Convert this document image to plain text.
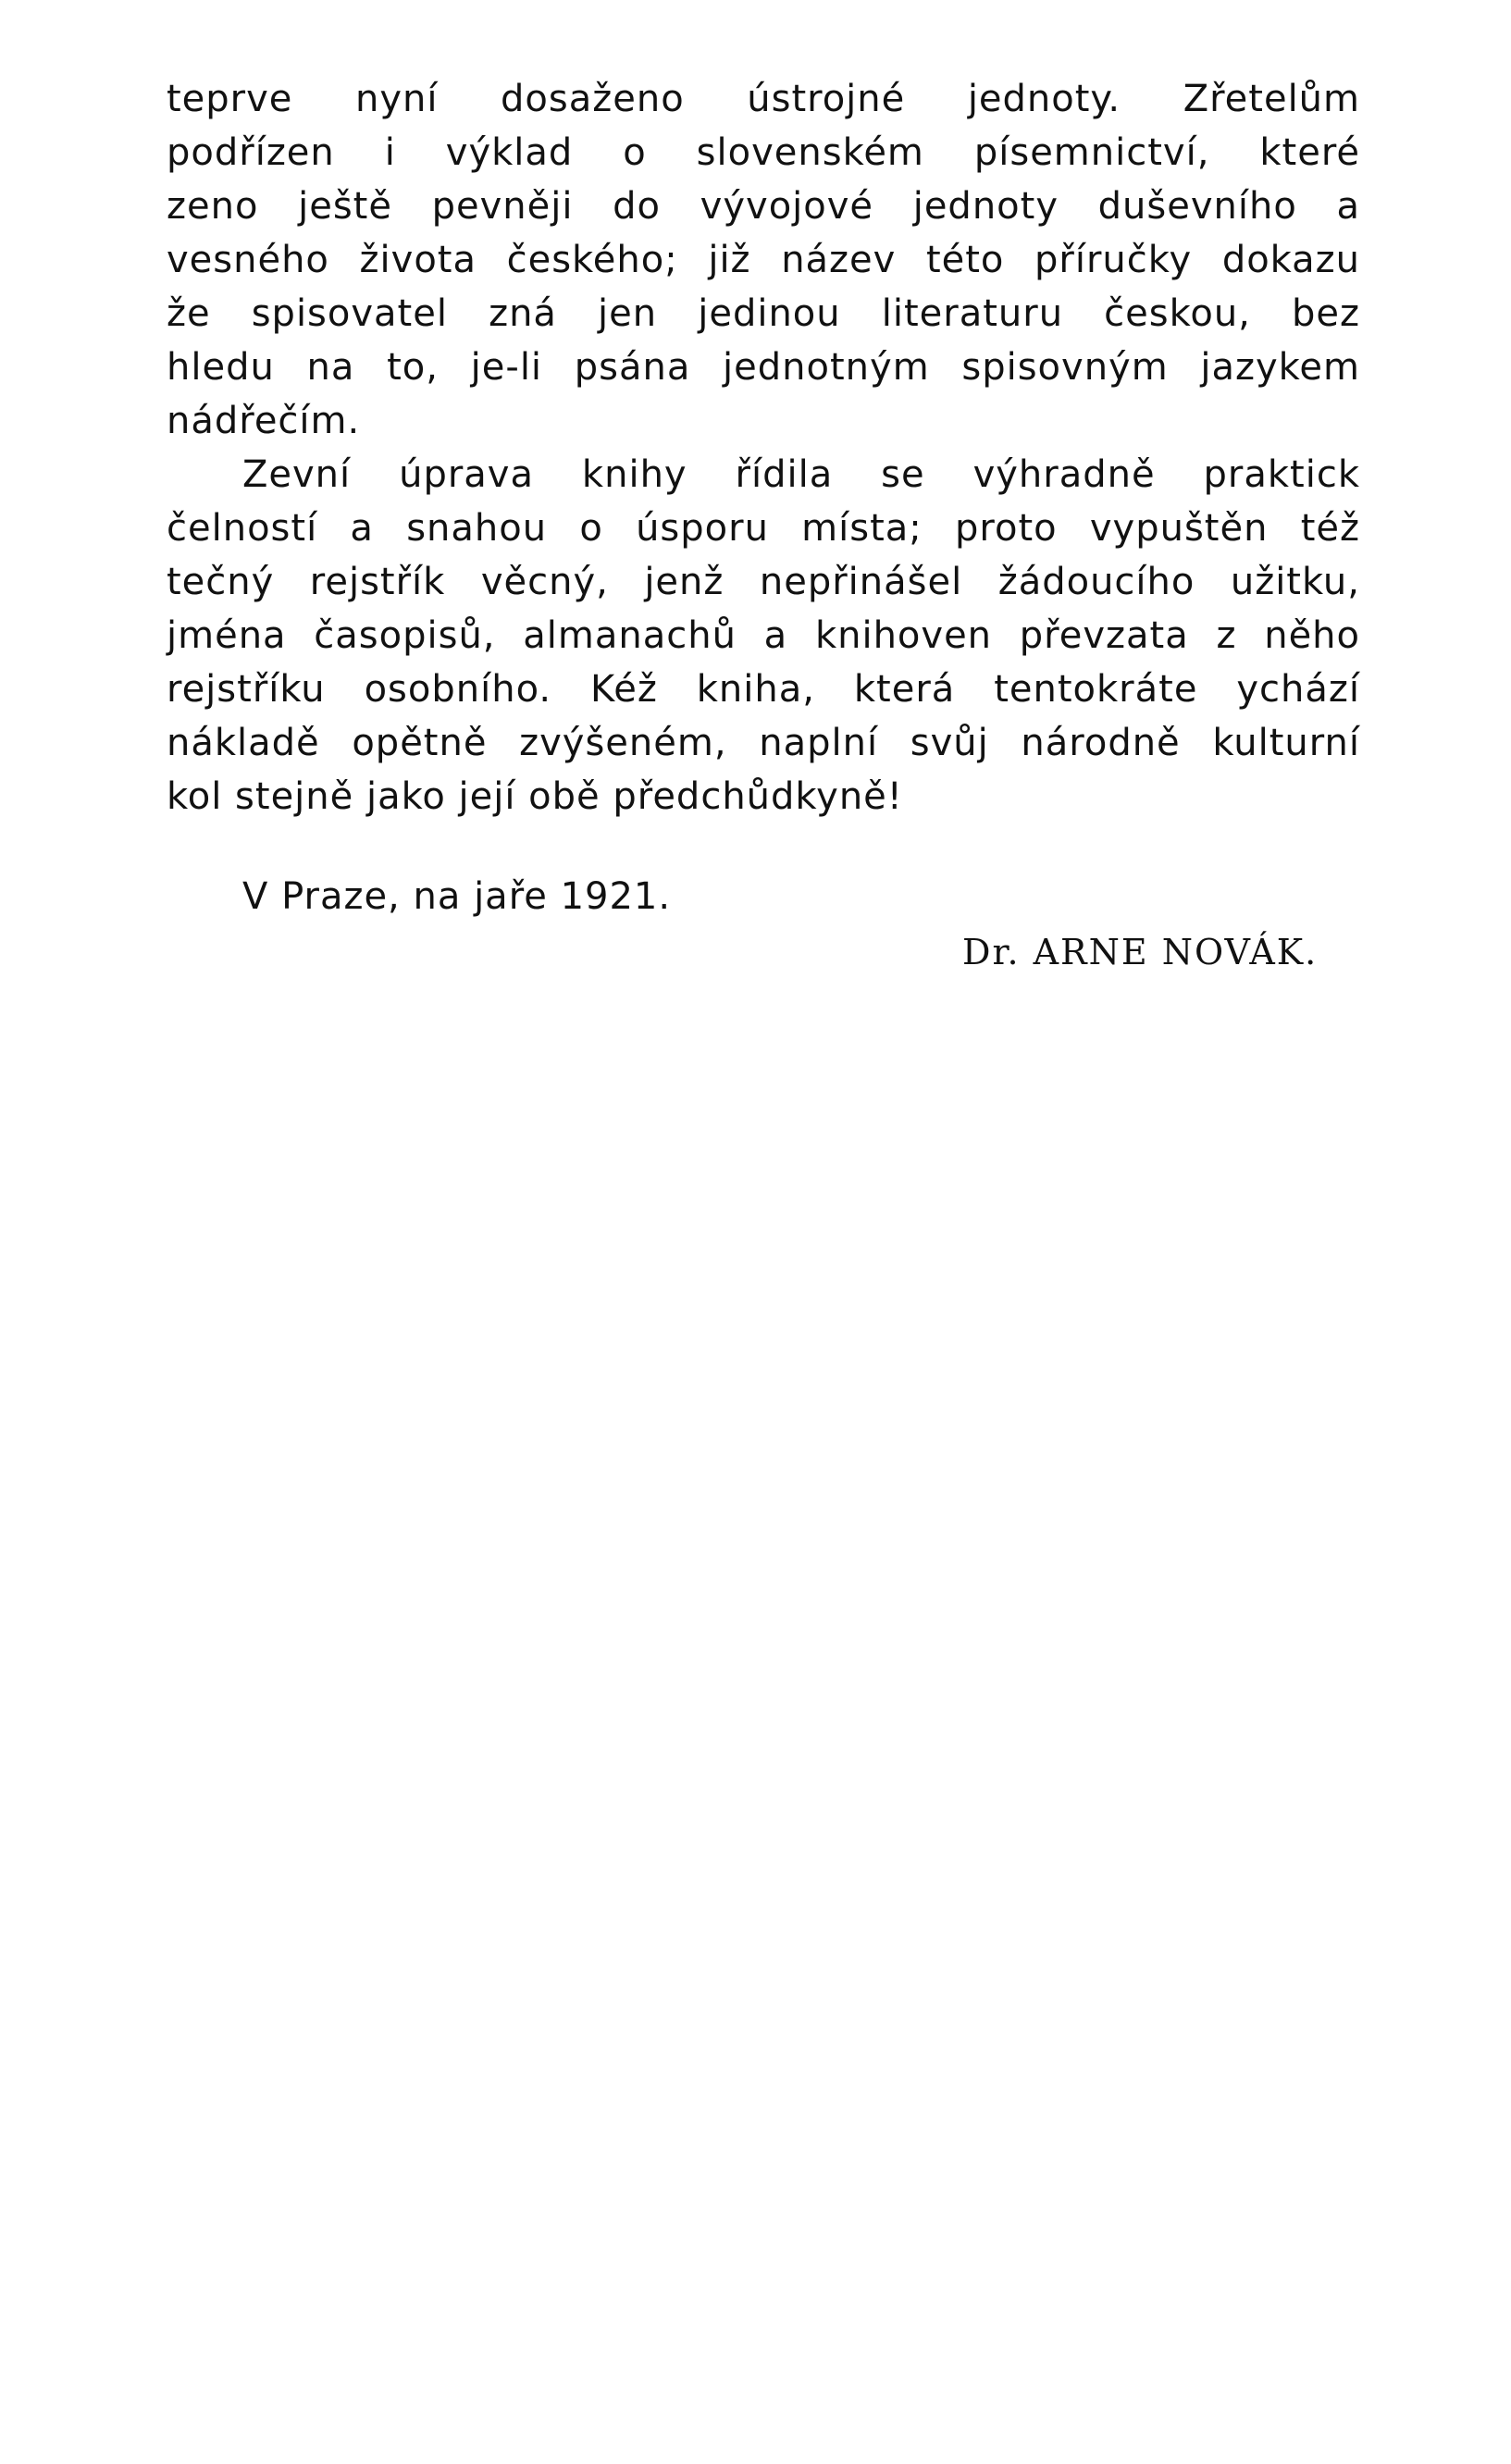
teprve nyní dosaženo ústrojné jednoty. Zřetelům
podřízen i výklad o slovenském písemnictví, které
zeno ještě pevněji do vývojové jednoty duševního a
vesného života českého; již název této příručky dokazu
že spisovatel zná jen jedinou literaturu českou, bez
hledu na to, je-li psána jednotným spisovným jazykem
nádřečím.
Zevní úprava knihy řídila se výhradně praktick
čelností a snahou o úsporu místa; proto vypuštěn též
tečný rejstřík věcný, jenž nepřinášel žádoucího užitku,
jména časopisů, almanachů a knihoven převzata z něho
rejstříku osobního. Kéž kniha, která tentokráte ychází
nákladě opětně zvýšeném, naplní svůj národně kulturní
kol stejně jako její obě předchůdkyně!
V Praze, na jaře 1921.
Dr. ARNE NOVÁK.
